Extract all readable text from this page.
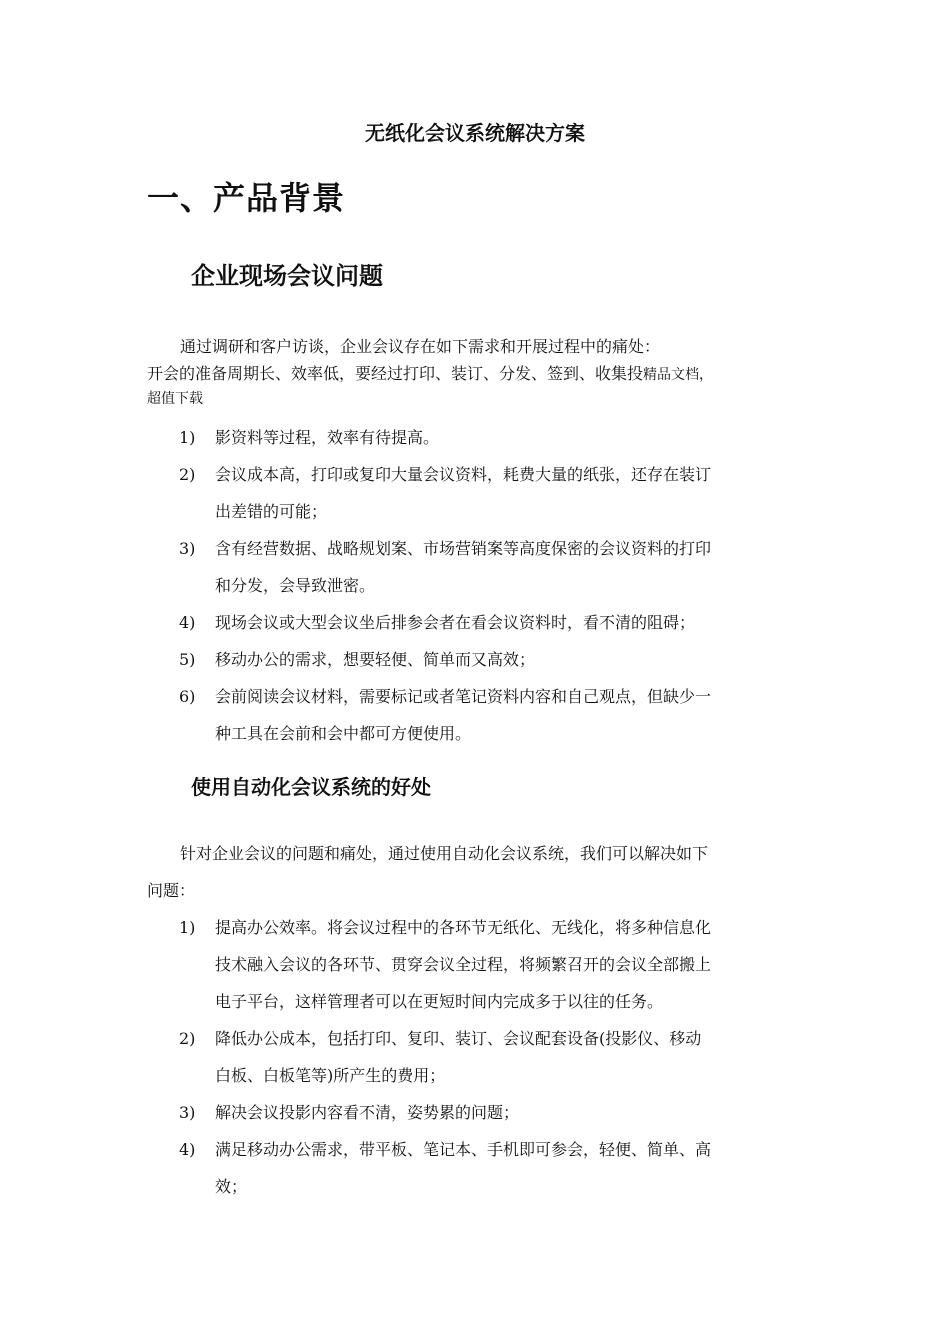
无纸化会议系统解决方案
一、产品背景
企业现场会议问题
通过调研和客户访谈，企业会议存在如下需求和开展过程中的痛处：
开会的准备周期长、效率低，要经过打印、装订、分发、签到、收集投精品文档，
超值下载
1) 影资料等过程，效率有待提高。
2) 会议成本高，打印或复印大量会议资料，耗费大量的纸张，还存在装订
出差错的可能；
3) 含有经营数据、战略规划案、市场营销案等高度保密的会议资料的打印
和分发，会导致泄密。
4) 现场会议或大型会议坐后排参会者在看会议资料时，看不清的阻碍；
5) 移动办公的需求，想要轻便、简单而又高效；
6) 会前阅读会议材料，需要标记或者笔记资料内容和自己观点，但缺少一
种工具在会前和会中都可方便使用。
使用自动化会议系统的好处
针对企业会议的问题和痛处，通过使用自动化会议系统，我们可以解决如下
问题：
1) 提高办公效率。将会议过程中的各环节无纸化、无线化，将多种信息化
技术融入会议的各环节、贯穿会议全过程，将频繁召开的会议全部搬上
电子平台，这样管理者可以在更短时间内完成多于以往的任务。
2) 降低办公成本，包括打印、复印、装订、会议配套设备(投影仪、移动
白板、白板笔等)所产生的费用；
3) 解决会议投影内容看不清，姿势累的问题；
4) 满足移动办公需求，带平板、笔记本、手机即可参会，轻便、简单、高
效；
